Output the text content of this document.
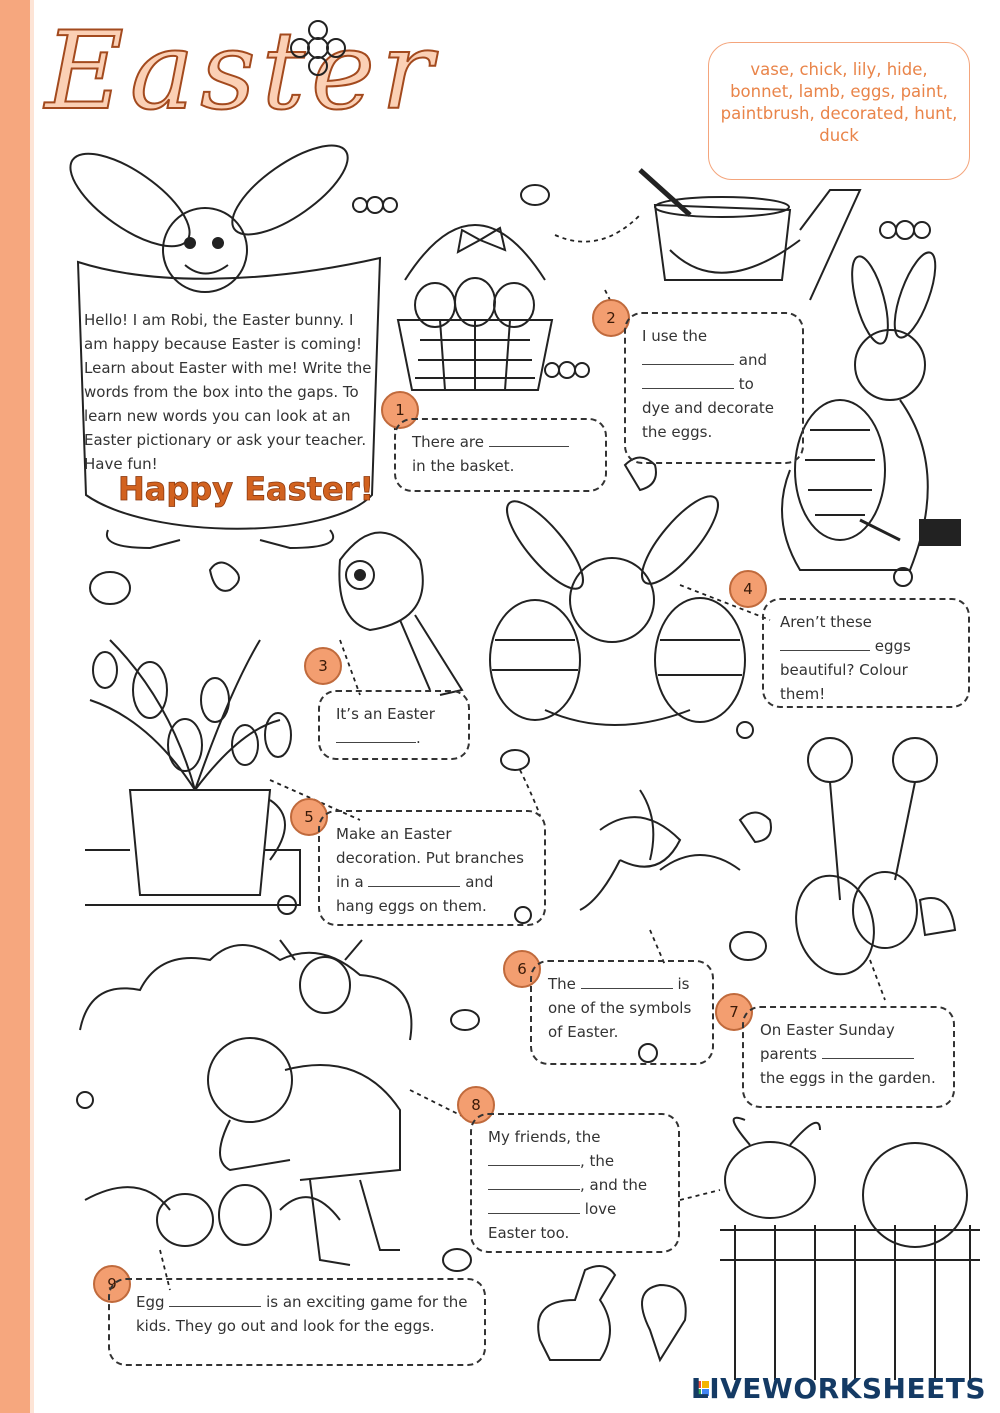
Easter	vase, chick, lily, hide, bonnet, lamb, eggs, paint, paintbrush, decorated, hunt, duck
Hello! I am Robi, the Easter bunny. I am happy because Easter is coming! Learn about Easter with me! Write the words from the box into the gaps. To learn new words you can look at an Easter pictionary or ask your teacher. Have fun!
Happy Easter!
1
There are
in the basket.
2
I use the
and
to dye and decorate the eggs.
3
It’s an Easter
.
4
Aren’t these
eggs beautiful? Colour them!
5
Make an Easter decoration. Put branches in a	and hang eggs on them.
6
The	is one of the symbols of Easter.
7
On Easter Sunday parents  the eggs in the garden.
8
My friends, the
, the
, and the
love Easter too.
9
Egg	is an exciting game for the kids. They go out and look for the eggs.
LIVEWORKSHEETS
